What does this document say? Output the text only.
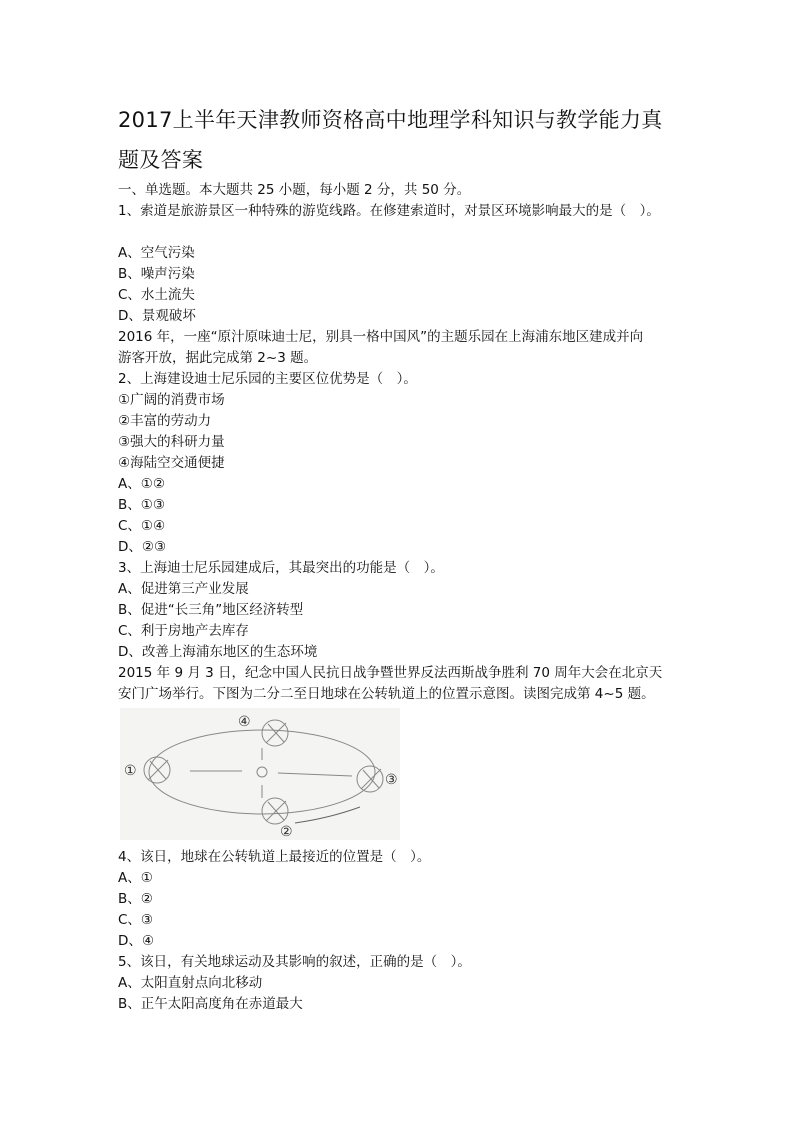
2017上半年天津教师资格高中地理学科知识与教学能力真
题及答案
一、单选题。本大题共 25 小题，每小题 2 分，共 50 分。
1、索道是旅游景区一种特殊的游览线路。在修建索道时，对景区环境影响最大的是（　）。
A、空气污染
B、噪声污染
C、水土流失
D、景观破坏
2016 年，一座“原汁原味迪士尼，别具一格中国风”的主题乐园在上海浦东地区建成并向
游客开放，据此完成第 2~3 题。
2、上海建设迪士尼乐园的主要区位优势是（　）。
①广阔的消费市场
②丰富的劳动力
③强大的科研力量
④海陆空交通便捷
A、①②
B、①③
C、①④
D、②③
3、上海迪士尼乐园建成后，其最突出的功能是（　）。
A、促进第三产业发展
B、促进“长三角”地区经济转型
C、利于房地产去库存
D、改善上海浦东地区的生态环境
2015 年 9 月 3 日，纪念中国人民抗日战争暨世界反法西斯战争胜利 70 周年大会在北京天
安门广场举行。下图为二分二至日地球在公转轨道上的位置示意图。读图完成第 4~5 题。
①
②
③
④
4、该日，地球在公转轨道上最接近的位置是（　）。
A、①
B、②
C、③
D、④
5、该日，有关地球运动及其影响的叙述，正确的是（　）。
A、太阳直射点向北移动
B、正午太阳高度角在赤道最大
